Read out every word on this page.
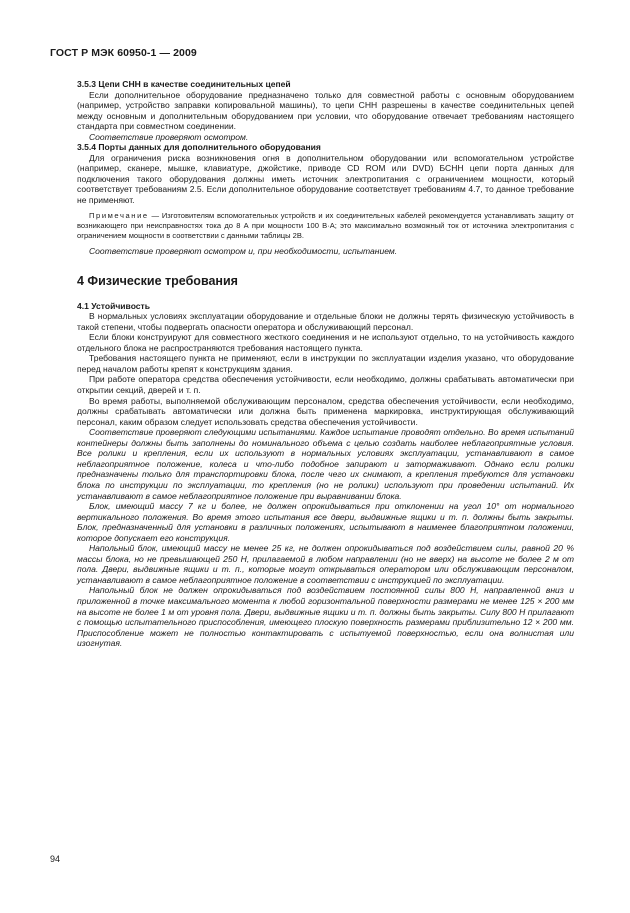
ГОСТ Р МЭК 60950-1 — 2009

3.5.3 Цепи СНН в качестве соединительных цепей

Если дополнительное оборудование предназначено только для совместной работы с основным оборудованием (например, устройство заправки копировальной машины), то цепи СНН разрешены в качестве соединительных цепей между основным и дополнительным оборудованием при условии, что оборудование отвечает требованиям настоящего стандарта при совместном соединении.

Соответствие проверяют осмотром.

3.5.4 Порты данных для дополнительного оборудования

Для ограничения риска возникновения огня в дополнительном оборудовании или вспомогательном устройстве (например, сканере, мышке, клавиатуре, джойстике, приводе CD ROM или DVD) БСНН цепи порта данных для подключения такого оборудования должны иметь источник электропитания с ограничением мощности, который соответствует требованиям 2.5. Если дополнительное оборудование соответствует требованиям 4.7, то данное требование не применяют.

Примечание — Изготовителям вспомогательных устройств и их соединительных кабелей рекомендуется устанавливать защиту от возникающего при неисправностях тока до 8 А при мощности 100 В·А; это максимально возможный ток от источника электропитания с ограничением мощности в соответствии с данными таблицы 2В.

Соответствие проверяют осмотром и, при необходимости, испытанием.

4 Физические требования

4.1 Устойчивость

В нормальных условиях эксплуатации оборудование и отдельные блоки не должны терять физическую устойчивость в такой степени, чтобы подвергать опасности оператора и обслуживающий персонал.

Если блоки конструируют для совместного жесткого соединения и не используют отдельно, то на устойчивость каждого отдельного блока не распространяются требования настоящего пункта.

Требования настоящего пункта не применяют, если в инструкции по эксплуатации изделия указано, что оборудование перед началом работы крепят к конструкциям здания.

При работе оператора средства обеспечения устойчивости, если необходимо, должны срабатывать автоматически при открытии секций, дверей и т. п.

Во время работы, выполняемой обслуживающим персоналом, средства обеспечения устойчивости, если необходимо, должны срабатывать автоматически или должна быть применена маркировка, инструктирующая обслуживающий персонал, каким образом следует использовать средства обеспечения устойчивости.

Соответствие проверяют следующими испытаниями. Каждое испытание проводят отдельно. Во время испытаний контейнеры должны быть заполнены до номинального объема с целью создать наиболее неблагоприятные условия. Все ролики и крепления, если их используют в нормальных условиях эксплуатации, устанавливают в самое неблагоприятное положение, колеса и что-либо подобное запирают и затормаживают. Однако если ролики предназначены только для транспортировки блока, после чего их снимают, а крепления требуются для установки блока по инструкции по эксплуатации, то крепления (но не ролики) используют при проведении испытаний. Их устанавливают в самое неблагоприятное положение при выравнивании блока.

Блок, имеющий массу 7 кг и более, не должен опрокидываться при отклонении на угол 10° от нормального вертикального положения. Во время этого испытания все двери, выдвижные ящики и т. п. должны быть закрыты. Блок, предназначенный для установки в различных положениях, испытывают в наименее благоприятном положении, которое допускает его конструкция.

Напольный блок, имеющий массу не менее 25 кг, не должен опрокидываться под воздействием силы, равной 20 % массы блока, но не превышающей 250 Н, прилагаемой в любом направлении (но не вверх) на высоте не более 2 м от пола. Двери, выдвижные ящики и т. п., которые могут открываться оператором или обслуживающим персоналом, устанавливают в самое неблагоприятное положение в соответствии с инструкцией по эксплуатации.

Напольный блок не должен опрокидываться под воздействием постоянной силы 800 Н, направленной вниз и приложенной в точке максимального момента к любой горизонтальной поверхности размерами не менее 125 × 200 мм на высоте не более 1 м от уровня пола. Двери, выдвижные ящики и т. п. должны быть закрыты. Силу 800 Н прилагают с помощью испытательного приспособления, имеющего плоскую поверхность размерами приблизительно 12 × 200 мм. Приспособление может не полностью контактировать с испытуемой поверхностью, если она волнистая или изогнутая.

94
